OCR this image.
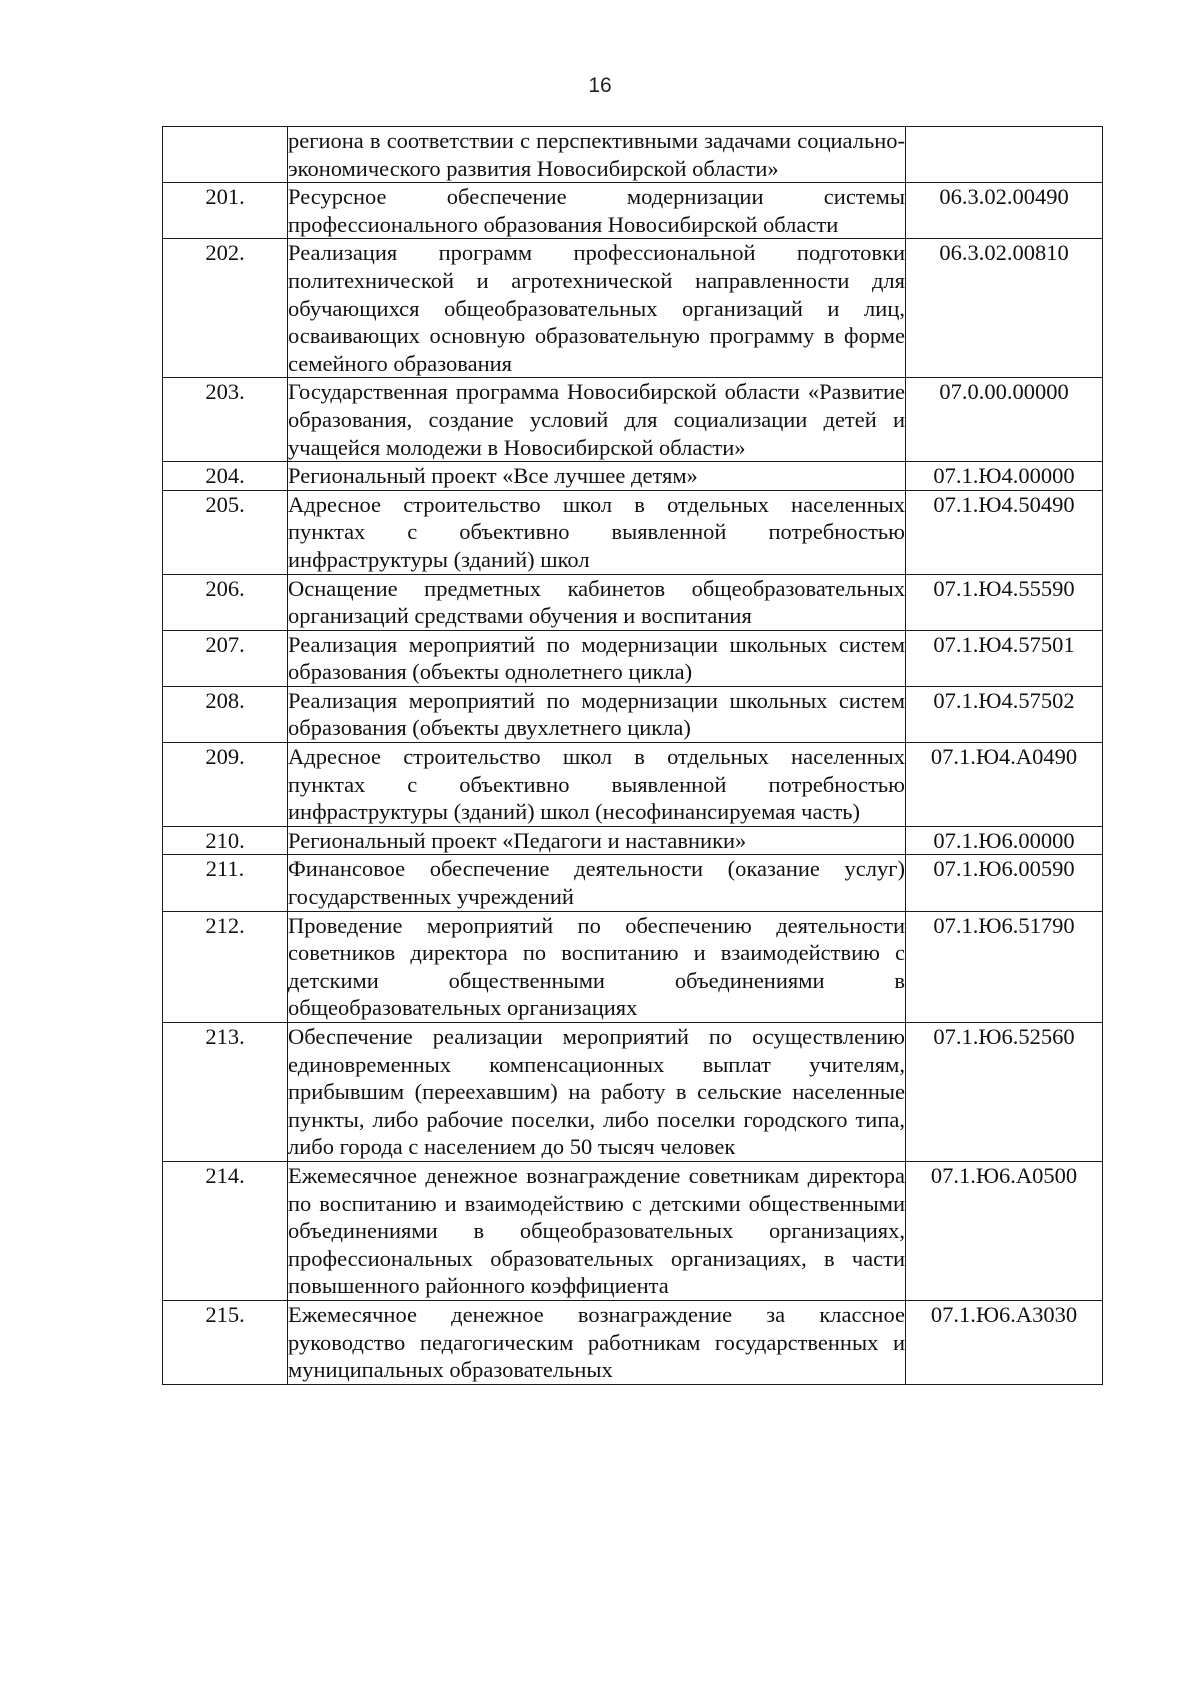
16
	региона в соответствии с перспективными задачами социально-экономического развития Новосибирской области»	
201.	Ресурсное обеспечение модернизации системы профессионального образования Новосибирской области	06.3.02.00490
202.	Реализация программ профессиональной подготовки политехнической и агротехнической направленности для обучающихся общеобразовательных организаций и лиц, осваивающих основную образовательную программу в форме семейного образования	06.3.02.00810
203.	Государственная программа Новосибирской области «Развитие образования, создание условий для социализации детей и учащейся молодежи в Новосибирской области»	07.0.00.00000
204.	Региональный проект «Все лучшее детям»	07.1.Ю4.00000
205.	Адресное строительство школ в отдельных населенных пунктах с объективно выявленной потребностью инфраструктуры (зданий) школ	07.1.Ю4.50490
206.	Оснащение предметных кабинетов общеобразовательных организаций средствами обучения и воспитания	07.1.Ю4.55590
207.	Реализация мероприятий по модернизации школьных систем образования (объекты однолетнего цикла)	07.1.Ю4.57501
208.	Реализация мероприятий по модернизации школьных систем образования (объекты двухлетнего цикла)	07.1.Ю4.57502
209.	Адресное строительство школ в отдельных населенных пунктах с объективно выявленной потребностью инфраструктуры (зданий) школ (несофинансируемая часть)	07.1.Ю4.А0490
210.	Региональный проект «Педагоги и наставники»	07.1.Ю6.00000
211.	Финансовое обеспечение деятельности (оказание услуг) государственных учреждений	07.1.Ю6.00590
212.	Проведение мероприятий по обеспечению деятельности советников директора по воспитанию и взаимодействию с детскими общественными объединениями в общеобразовательных организациях	07.1.Ю6.51790
213.	Обеспечение реализации мероприятий по осуществлению единовременных компенсационных выплат учителям, прибывшим (переехавшим) на работу в сельские населенные пункты, либо рабочие поселки, либо поселки городского типа, либо города с населением до 50 тысяч человек	07.1.Ю6.52560
214.	Ежемесячное денежное вознаграждение советникам директора по воспитанию и взаимодействию с детскими общественными объединениями в общеобразовательных организациях, профессиональных образовательных организациях, в части повышенного районного коэффициента	07.1.Ю6.А0500
215.	Ежемесячное денежное вознаграждение за классное руководство педагогическим работникам государственных и муниципальных образовательных	07.1.Ю6.А3030
